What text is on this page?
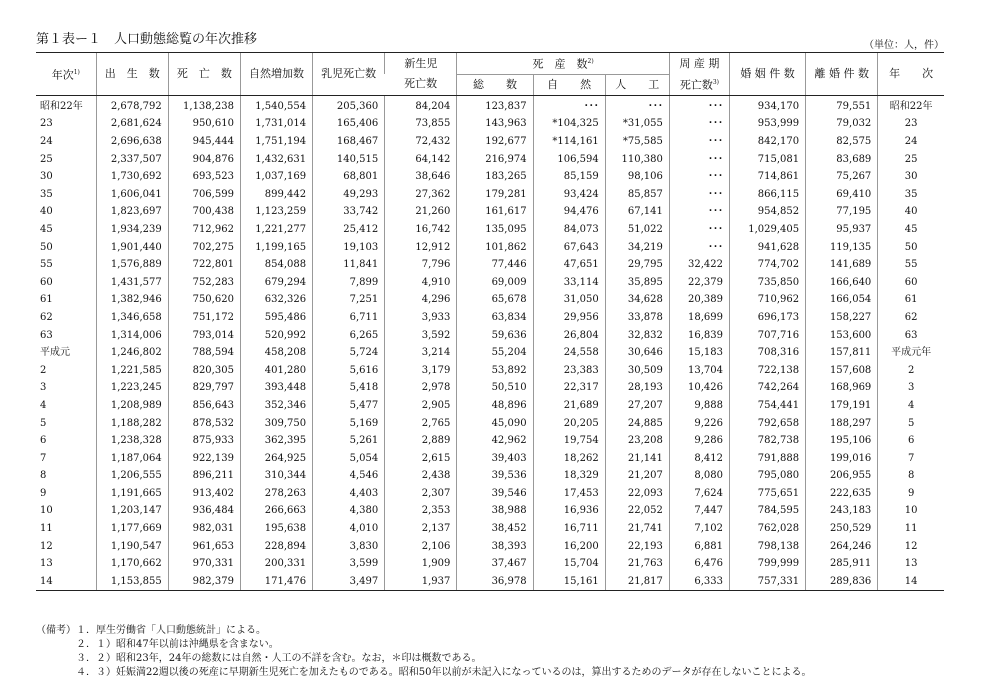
第１表ー１　人口動態総覧の年次推移	（単位：人，件）
年次$^{1)}$	出　生　数	死　亡　数	自然増加数	乳児死亡数	新生児	死　産　数$^{2)}$			周 産 期	婚 姻 件 数	離 婚 件 数	年　　次
					死亡数	総　　数	自　　然	人　　工	死亡数$^{3)}$
昭和22年	2,678,792	1,138,238	1,540,554	205,360	84,204	123,837	･･･	･･･	･･･	934,170	79,551	昭和22年
23	2,681,624	950,610	1,731,014	165,406	73,855	143,963	*104,325	*31,055	･･･	953,999	79,032	23
24	2,696,638	945,444	1,751,194	168,467	72,432	192,677	*114,161	*75,585	･･･	842,170	82,575	24
25	2,337,507	904,876	1,432,631	140,515	64,142	216,974	106,594	110,380	･･･	715,081	83,689	25
30	1,730,692	693,523	1,037,169	68,801	38,646	183,265	85,159	98,106	･･･	714,861	75,267	30
35	1,606,041	706,599	899,442	49,293	27,362	179,281	93,424	85,857	･･･	866,115	69,410	35
40	1,823,697	700,438	1,123,259	33,742	21,260	161,617	94,476	67,141	･･･	954,852	77,195	40
45	1,934,239	712,962	1,221,277	25,412	16,742	135,095	84,073	51,022	･･･	1,029,405	95,937	45
50	1,901,440	702,275	1,199,165	19,103	12,912	101,862	67,643	34,219	･･･	941,628	119,135	50
55	1,576,889	722,801	854,088	11,841	7,796	77,446	47,651	29,795	32,422	774,702	141,689	55
60	1,431,577	752,283	679,294	7,899	4,910	69,009	33,114	35,895	22,379	735,850	166,640	60
61	1,382,946	750,620	632,326	7,251	4,296	65,678	31,050	34,628	20,389	710,962	166,054	61
62	1,346,658	751,172	595,486	6,711	3,933	63,834	29,956	33,878	18,699	696,173	158,227	62
63	1,314,006	793,014	520,992	6,265	3,592	59,636	26,804	32,832	16,839	707,716	153,600	63
平成元	1,246,802	788,594	458,208	5,724	3,214	55,204	24,558	30,646	15,183	708,316	157,811	平成元年
2	1,221,585	820,305	401,280	5,616	3,179	53,892	23,383	30,509	13,704	722,138	157,608	2
3	1,223,245	829,797	393,448	5,418	2,978	50,510	22,317	28,193	10,426	742,264	168,969	3
4	1,208,989	856,643	352,346	5,477	2,905	48,896	21,689	27,207	9,888	754,441	179,191	4
5	1,188,282	878,532	309,750	5,169	2,765	45,090	20,205	24,885	9,226	792,658	188,297	5
6	1,238,328	875,933	362,395	5,261	2,889	42,962	19,754	23,208	9,286	782,738	195,106	6
7	1,187,064	922,139	264,925	5,054	2,615	39,403	18,262	21,141	8,412	791,888	199,016	7
8	1,206,555	896,211	310,344	4,546	2,438	39,536	18,329	21,207	8,080	795,080	206,955	8
9	1,191,665	913,402	278,263	4,403	2,307	39,546	17,453	22,093	7,624	775,651	222,635	9
10	1,203,147	936,484	266,663	4,380	2,353	38,988	16,936	22,052	7,447	784,595	243,183	10
11	1,177,669	982,031	195,638	4,010	2,137	38,452	16,711	21,741	7,102	762,028	250,529	11
12	1,190,547	961,653	228,894	3,830	2,106	38,393	16,200	22,193	6,881	798,138	264,246	12
13	1,170,662	970,331	200,331	3,599	1,909	37,467	15,704	21,763	6,476	799,999	285,911	13
14	1,153,855	982,379	171,476	3,497	1,937	36,978	15,161	21,817	6,333	757,331	289,836	14
（備考）１．厚生労働省「人口動態統計」による。
　　　　２．１）昭和47年以前は沖縄県を含まない。
　　　　３．２）昭和23年，24年の総数には自然・人工の不詳を含む。なお，＊印は概数である。
　　　　４．３）妊娠満22週以後の死産に早期新生児死亡を加えたものである。昭和50年以前が未記入になっているのは，算出するためのデータが存在しないことによる。
